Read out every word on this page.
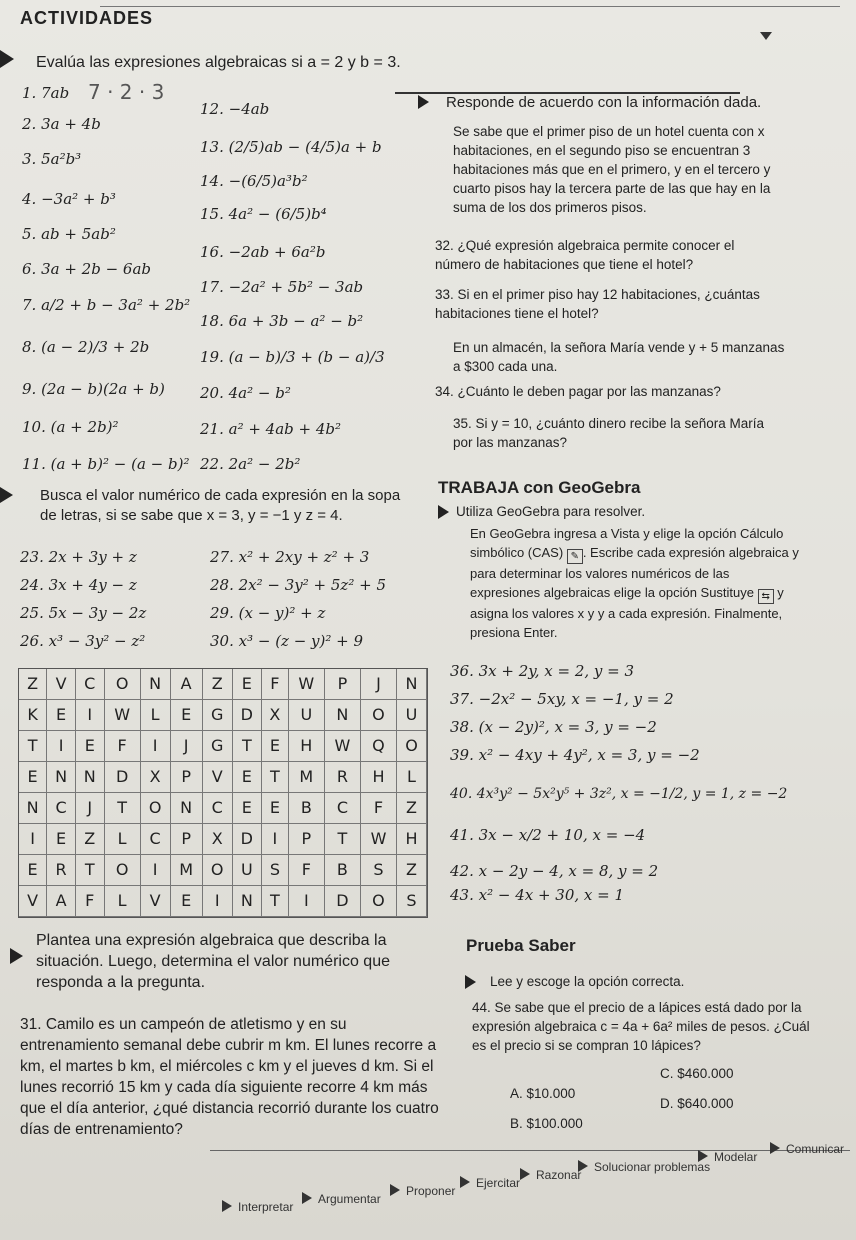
ACTIVIDADES
Evalúa las expresiones algebraicas si a = 2 y b = 3.
1. 7ab 7 · 2 · 3
2. 3a + 4b
3. 5a²b³
4. −3a² + b³
5. ab + 5ab²
6. 3a + 2b − 6ab
7. a/2 + b − 3a² + 2b²
8. (a − 2)/3 + 2b
9. (2a − b)(2a + b)
10. (a + 2b)²
11. (a + b)² − (a − b)²
12. −4ab
13. (2/5)ab − (4/5)a + b
14. −(6/5)a³b²
15. 4a² − (6/5)b⁴
16. −2ab + 6a²b
17. −2a² + 5b² − 3ab
18. 6a + 3b − a² − b²
19. (a − b)/3 + (b − a)/3
20. 4a² − b²
21. a² + 4ab + 4b²
22. 2a² − 2b²
Responde de acuerdo con la información dada.
Se sabe que el primer piso de un hotel cuenta con x habitaciones, en el segundo piso se encuentran 3 habitaciones más que en el primero, y en el tercero y cuarto pisos hay la tercera parte de las que hay en la suma de los dos primeros pisos.
32. ¿Qué expresión algebraica permite conocer el número de habitaciones que tiene el hotel?
33. Si en el primer piso hay 12 habitaciones, ¿cuántas habitaciones tiene el hotel?
En un almacén, la señora María vende y + 5 manzanas a $300 cada una.
34. ¿Cuánto le deben pagar por las manzanas?
35. Si y = 10, ¿cuánto dinero recibe la señora María por las manzanas?
Busca el valor numérico de cada expresión en la sopa de letras, si se sabe que x = 3, y = −1 y z = 4.
23. 2x + 3y + z
24. 3x + 4y − z
25. 5x − 3y − 2z
26. x³ − 3y² − z²
27. x² + 2xy + z² + 3
28. 2x² − 3y² + 5z² + 5
29. (x − y)² + z
30. x³ − (z − y)² + 9
Z	V	C	O	N	A	Z	E	F	W	P	J	N
K	E	I	W	L	E	G	D	X	U	N	O	U
T	I	E	F	I	J	G	T	E	H	W	Q	O
E	N	N	D	X	P	V	E	T	M	R	H	L
N	C	J	T	O	N	C	E	E	B	C	F	Z
I	E	Z	L	C	P	X	D	I	P	T	W	H
E	R	T	O	I	M	O	U	S	F	B	S	Z
V	A	F	L	V	E	I	N	T	I	D	O	S
TRABAJA con GeoGebra
Utiliza GeoGebra para resolver.
En GeoGebra ingresa a Vista y elige la opción Cálculo simbólico (CAS) ✎ . Escribe cada expresión algebraica y para determinar los valores numéricos de las expresiones algebraicas elige la opción Sustituye ⇆ y asigna los valores x y y a cada expresión. Finalmente, presiona Enter.
36. 3x + 2y, x = 2, y = 3
37. −2x² − 5xy, x = −1, y = 2
38. (x − 2y)², x = 3, y = −2
39. x² − 4xy + 4y², x = 3, y = −2
40. 4x³y² − 5x²y⁵ + 3z², x = −1/2, y = 1, z = −2
41. 3x − x/2 + 10, x = −4
42. x − 2y − 4, x = 8, y = 2
43. x² − 4x + 30, x = 1
Plantea una expresión algebraica que describa la situación. Luego, determina el valor numérico que responda a la pregunta.
31. Camilo es un campeón de atletismo y en su entrenamiento semanal debe cubrir m km. El lunes recorre a km, el martes b km, el miércoles c km y el jueves d km. Si el lunes recorrió 15 km y cada día siguiente recorre 4 km más que el día anterior, ¿qué distancia recorrió durante los cuatro días de entrenamiento?
Prueba Saber
Lee y escoge la opción correcta.
44. Se sabe que el precio de a lápices está dado por la expresión algebraica c = 4a + 6a² miles de pesos. ¿Cuál es el precio si se compran 10 lápices?
A. $10.000
B. $100.000
C. $460.000
D. $640.000
Interpretar
Argumentar
Proponer
Ejercitar
Razonar
Solucionar problemas
Modelar
Comunicar
